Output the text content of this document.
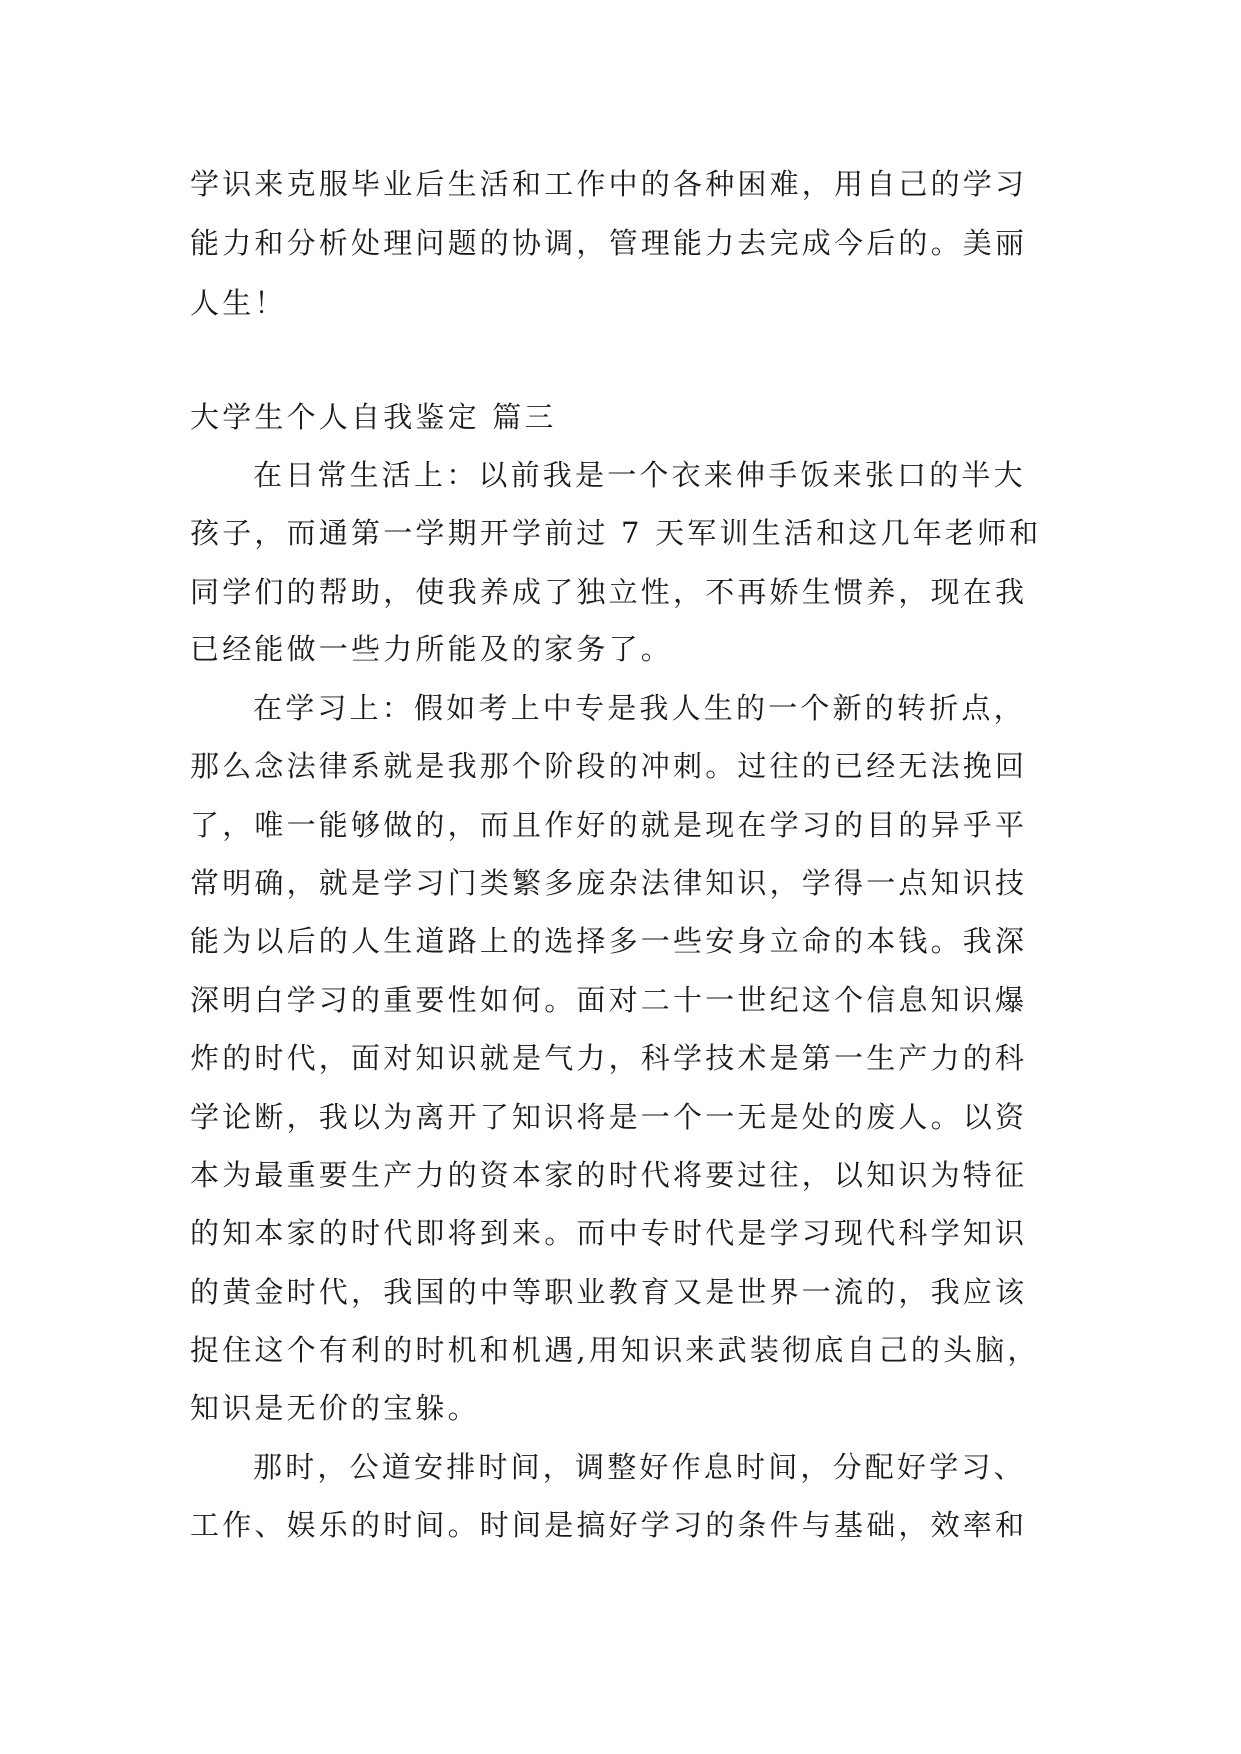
学识来克服毕业后生活和工作中的各种困难，用自己的学习
能力和分析处理问题的协调，管理能力去完成今后的。美丽
人生！
大学生个人自我鉴定 篇三
在日常生活上：以前我是一个衣来伸手饭来张口的半大
孩子，而通第一学期开学前过 7 天军训生活和这几年老师和
同学们的帮助，使我养成了独立性，不再娇生惯养，现在我
已经能做一些力所能及的家务了。
在学习上：假如考上中专是我人生的一个新的转折点，
那么念法律系就是我那个阶段的冲刺。过往的已经无法挽回
了，唯一能够做的，而且作好的就是现在学习的目的异乎平
常明确，就是学习门类繁多庞杂法律知识，学得一点知识技
能为以后的人生道路上的选择多一些安身立命的本钱。我深
深明白学习的重要性如何。面对二十一世纪这个信息知识爆
炸的时代，面对知识就是气力，科学技术是第一生产力的科
学论断，我以为离开了知识将是一个一无是处的废人。以资
本为最重要生产力的资本家的时代将要过往，以知识为特征
的知本家的时代即将到来。而中专时代是学习现代科学知识
的黄金时代，我国的中等职业教育又是世界一流的，我应该
捉住这个有利的时机和机遇,用知识来武装彻底自己的头脑，
知识是无价的宝躲。
那时，公道安排时间，调整好作息时间，分配好学习、
工作、娱乐的时间。时间是搞好学习的条件与基础，效率和
